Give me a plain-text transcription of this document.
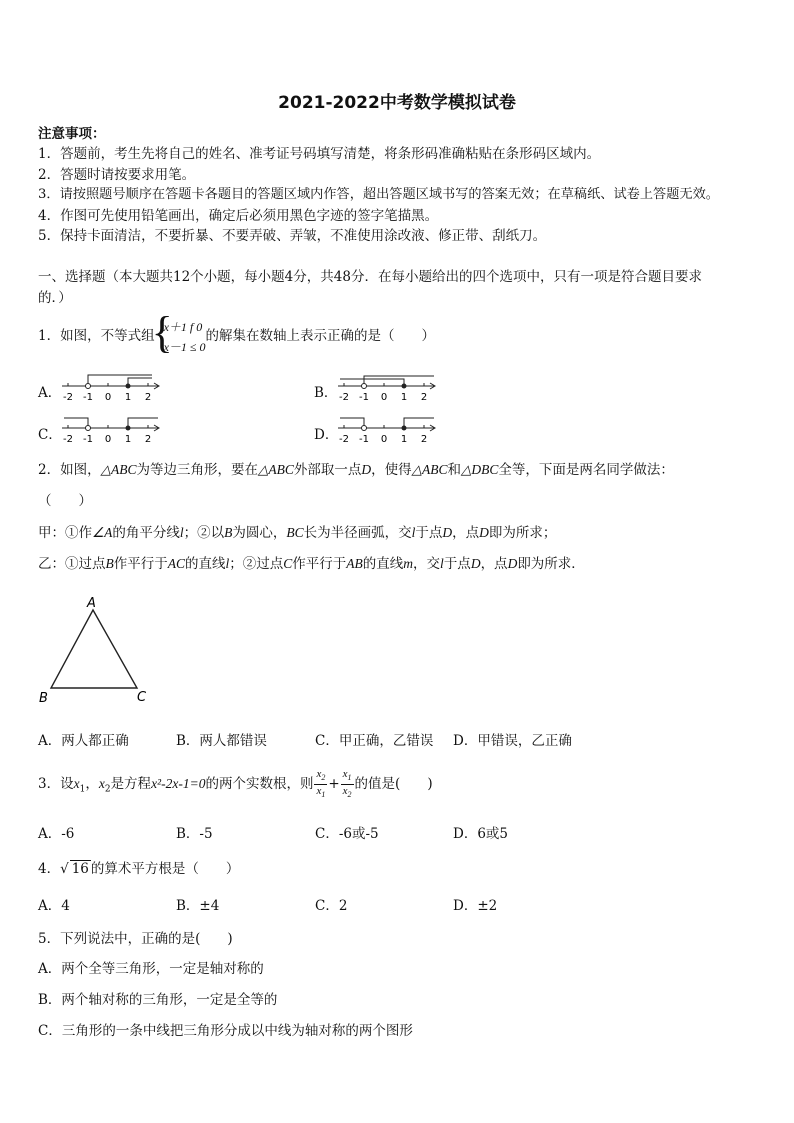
2021-2022中考数学模拟试卷
注意事项：
1．答题前，考生先将自己的姓名、准考证号码填写清楚，将条形码准确粘贴在条形码区域内。
2．答题时请按要求用笔。
3．请按照题号顺序在答题卡各题目的答题区域内作答，超出答题区域书写的答案无效；在草稿纸、试卷上答题无效。
4．作图可先使用铅笔画出，确定后必须用黑色字迹的签字笔描黑。
5．保持卡面清洁，不要折暴、不要弄破、弄皱，不准使用涂改液、修正带、刮纸刀。
一、选择题（本大题共12个小题，每小题4分，共48分．在每小题给出的四个选项中，只有一项是符合题目要求
的．）
1．如图，不等式组
{ x＋1 f 0
x－1 ≤ 0
的解集在数轴上表示正确的是（　　）
A． -2 -1 0 1 2	B． -2 -1 0 1 2
C． -2 -1 0 1 2	D． -2 -1 0 1 2
2．如图，△ABC为等边三角形，要在△ABC外部取一点D，使得△ABC和△DBC全等，下面是两名同学做法：
（　　）
甲：①作∠A的角平分线l；②以B为圆心，BC长为半径画弧，交l于点D，点D即为所求；
乙：①过点B作平行于AC的直线l；②过点C作平行于AB的直线m，交l于点D，点D即为所求．
A
B	C
A．两人都正确	B．两人都错误	C．甲正确，乙错误 D．甲错误，乙正确
3．设$x_1$，$x_2$是方程x²-2x-1=0的两个实数根，则 $\frac{x_2}{x_1} + \frac{x_1}{x_2}$ 的值是(　　)
A．-6	B．-5	C．-6或-5	D．6或5
4．√ 16 的算术平方根是（　　）
A．4	B．±4	C．2	D．±2
5．下列说法中，正确的是(　　)
A．两个全等三角形，一定是轴对称的
B．两个轴对称的三角形，一定是全等的
C．三角形的一条中线把三角形分成以中线为轴对称的两个图形
